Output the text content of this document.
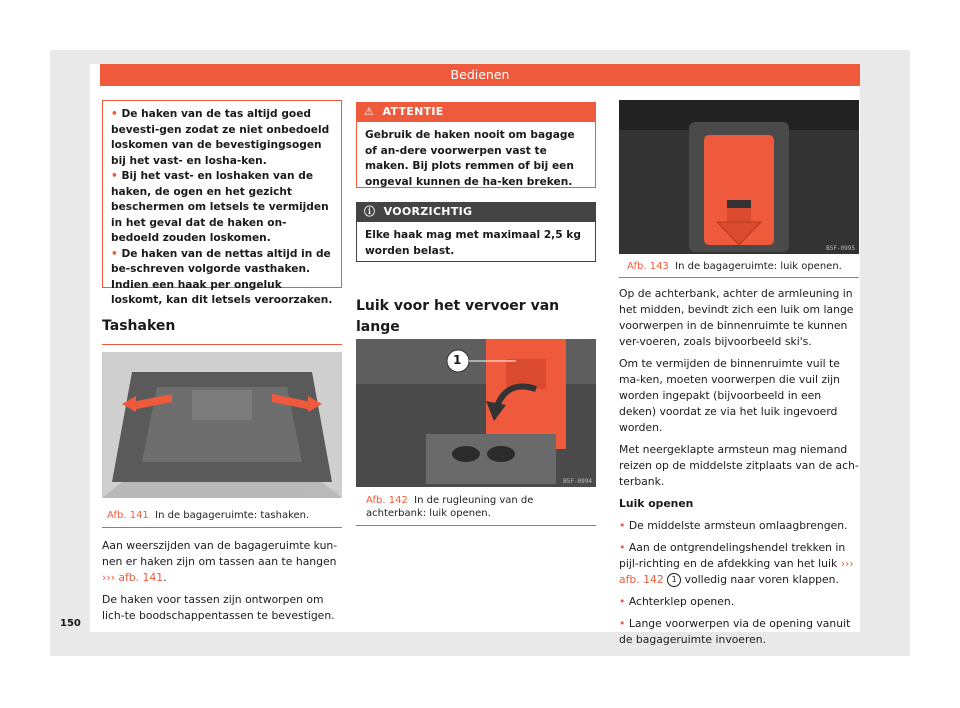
Bedienen

• De haken van de tas altijd goed bevesti-gen zodat ze niet onbedoeld loskomen van de bevestigingsogen bij het vast- en losha-ken.

• Bij het vast- en loshaken van de haken, de ogen en het gezicht beschermen om letsels te vermijden in het geval dat de haken on-bedoeld zouden loskomen.

• De haken van de nettas altijd in de be-schreven volgorde vasthaken. Indien een haak per ongeluk loskomt, kan dit letsels veroorzaken.

Tashaken
B5F-0319
Afb. 141 In de bagageruimte: tashaken.

Aan weerszijden van de bagageruimte kun-nen er haken zijn om tassen aan te hangen ››› afb. 141.

De haken voor tassen zijn ontworpen om lich-te boodschappentassen te bevestigen.

150
⚠ ATTENTIE
Gebruik de haken nooit om bagage of an-dere voorwerpen vast te maken. Bij plots remmen of bij een ongeval kunnen de ha-ken breken.
ⓘ VOORZICHTIG
Elke haak mag met maximaal 2,5 kg worden belast.
Luik voor het vervoer van lange
1
B5F-0994
Afb. 142 In de rugleuning van de achterbank: luik openen.
B5F-0995
Afb. 143 In de bagageruimte: luik openen.

Op de achterbank, achter de armleuning in het midden, bevindt zich een luik om lange voorwerpen in de binnenruimte te kunnen ver-voeren, zoals bijvoorbeeld ski's.

Om te vermijden de binnenruimte vuil te ma-ken, moeten voorwerpen die vuil zijn worden ingepakt (bijvoorbeeld in een deken) voordat ze via het luik ingevoerd worden.

Met neergeklapte armsteun mag niemand reizen op de middelste zitplaats van de ach-terbank.

Luik openen

• De middelste armsteun omlaagbrengen.

• Aan de ontgrendelingshendel trekken in pijl-richting en de afdekking van het luik ››› afb. 142 1 volledig naar voren klappen.

• Achterklep openen.

• Lange voorwerpen via de opening vanuit de bagageruimte invoeren.
